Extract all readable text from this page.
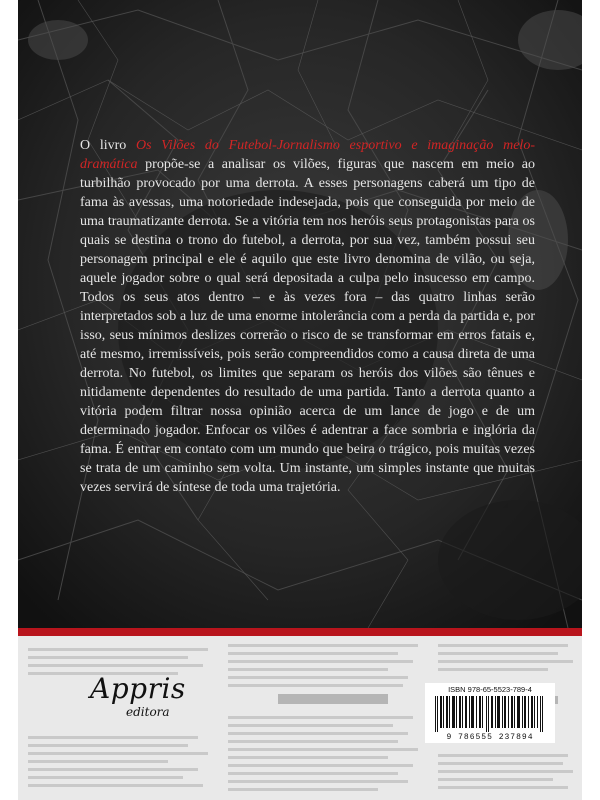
O livro Os Vilões do Futebol-Jornalismo esportivo e imaginação melo-dramática propõe-se a analisar os vilões, figuras que nascem em meio ao turbilhão provocado por uma derrota. A esses personagens caberá um tipo de fama às avessas, uma notoriedade indesejada, pois que conseguida por meio de uma traumatizante derrota. Se a vitória tem nos heróis seus protagonistas para os quais se destina o trono do futebol, a derrota, por sua vez, também possui seu personagem principal e ele é aquilo que este livro denomina de vilão, ou seja, aquele jogador sobre o qual será depositada a culpa pelo insucesso em campo. Todos os seus atos dentro – e às vezes fora – das quatro linhas serão interpretados sob a luz de uma enorme intolerância com a perda da partida e, por isso, seus mínimos deslizes correrão o risco de se transformar em erros fatais e, até mesmo, irremissíveis, pois serão compreendidos como a causa direta de uma derrota. No futebol, os limites que separam os heróis dos vilões são tênues e nitidamente dependentes do resultado de uma partida. Tanto a derrota quanto a vitória podem filtrar nossa opinião acerca de um lance de jogo e de um determinado jogador. Enfocar os vilões é adentrar a face sombria e inglória da fama. É entrar em contato com um mundo que beira o trágico, pois muitas vezes se trata de um caminho sem volta. Um instante, um simples instante que muitas vezes servirá de síntese de toda uma trajetória.

Appris
editora
ISBN 978-65-5523-789-4
9 786555 237894
